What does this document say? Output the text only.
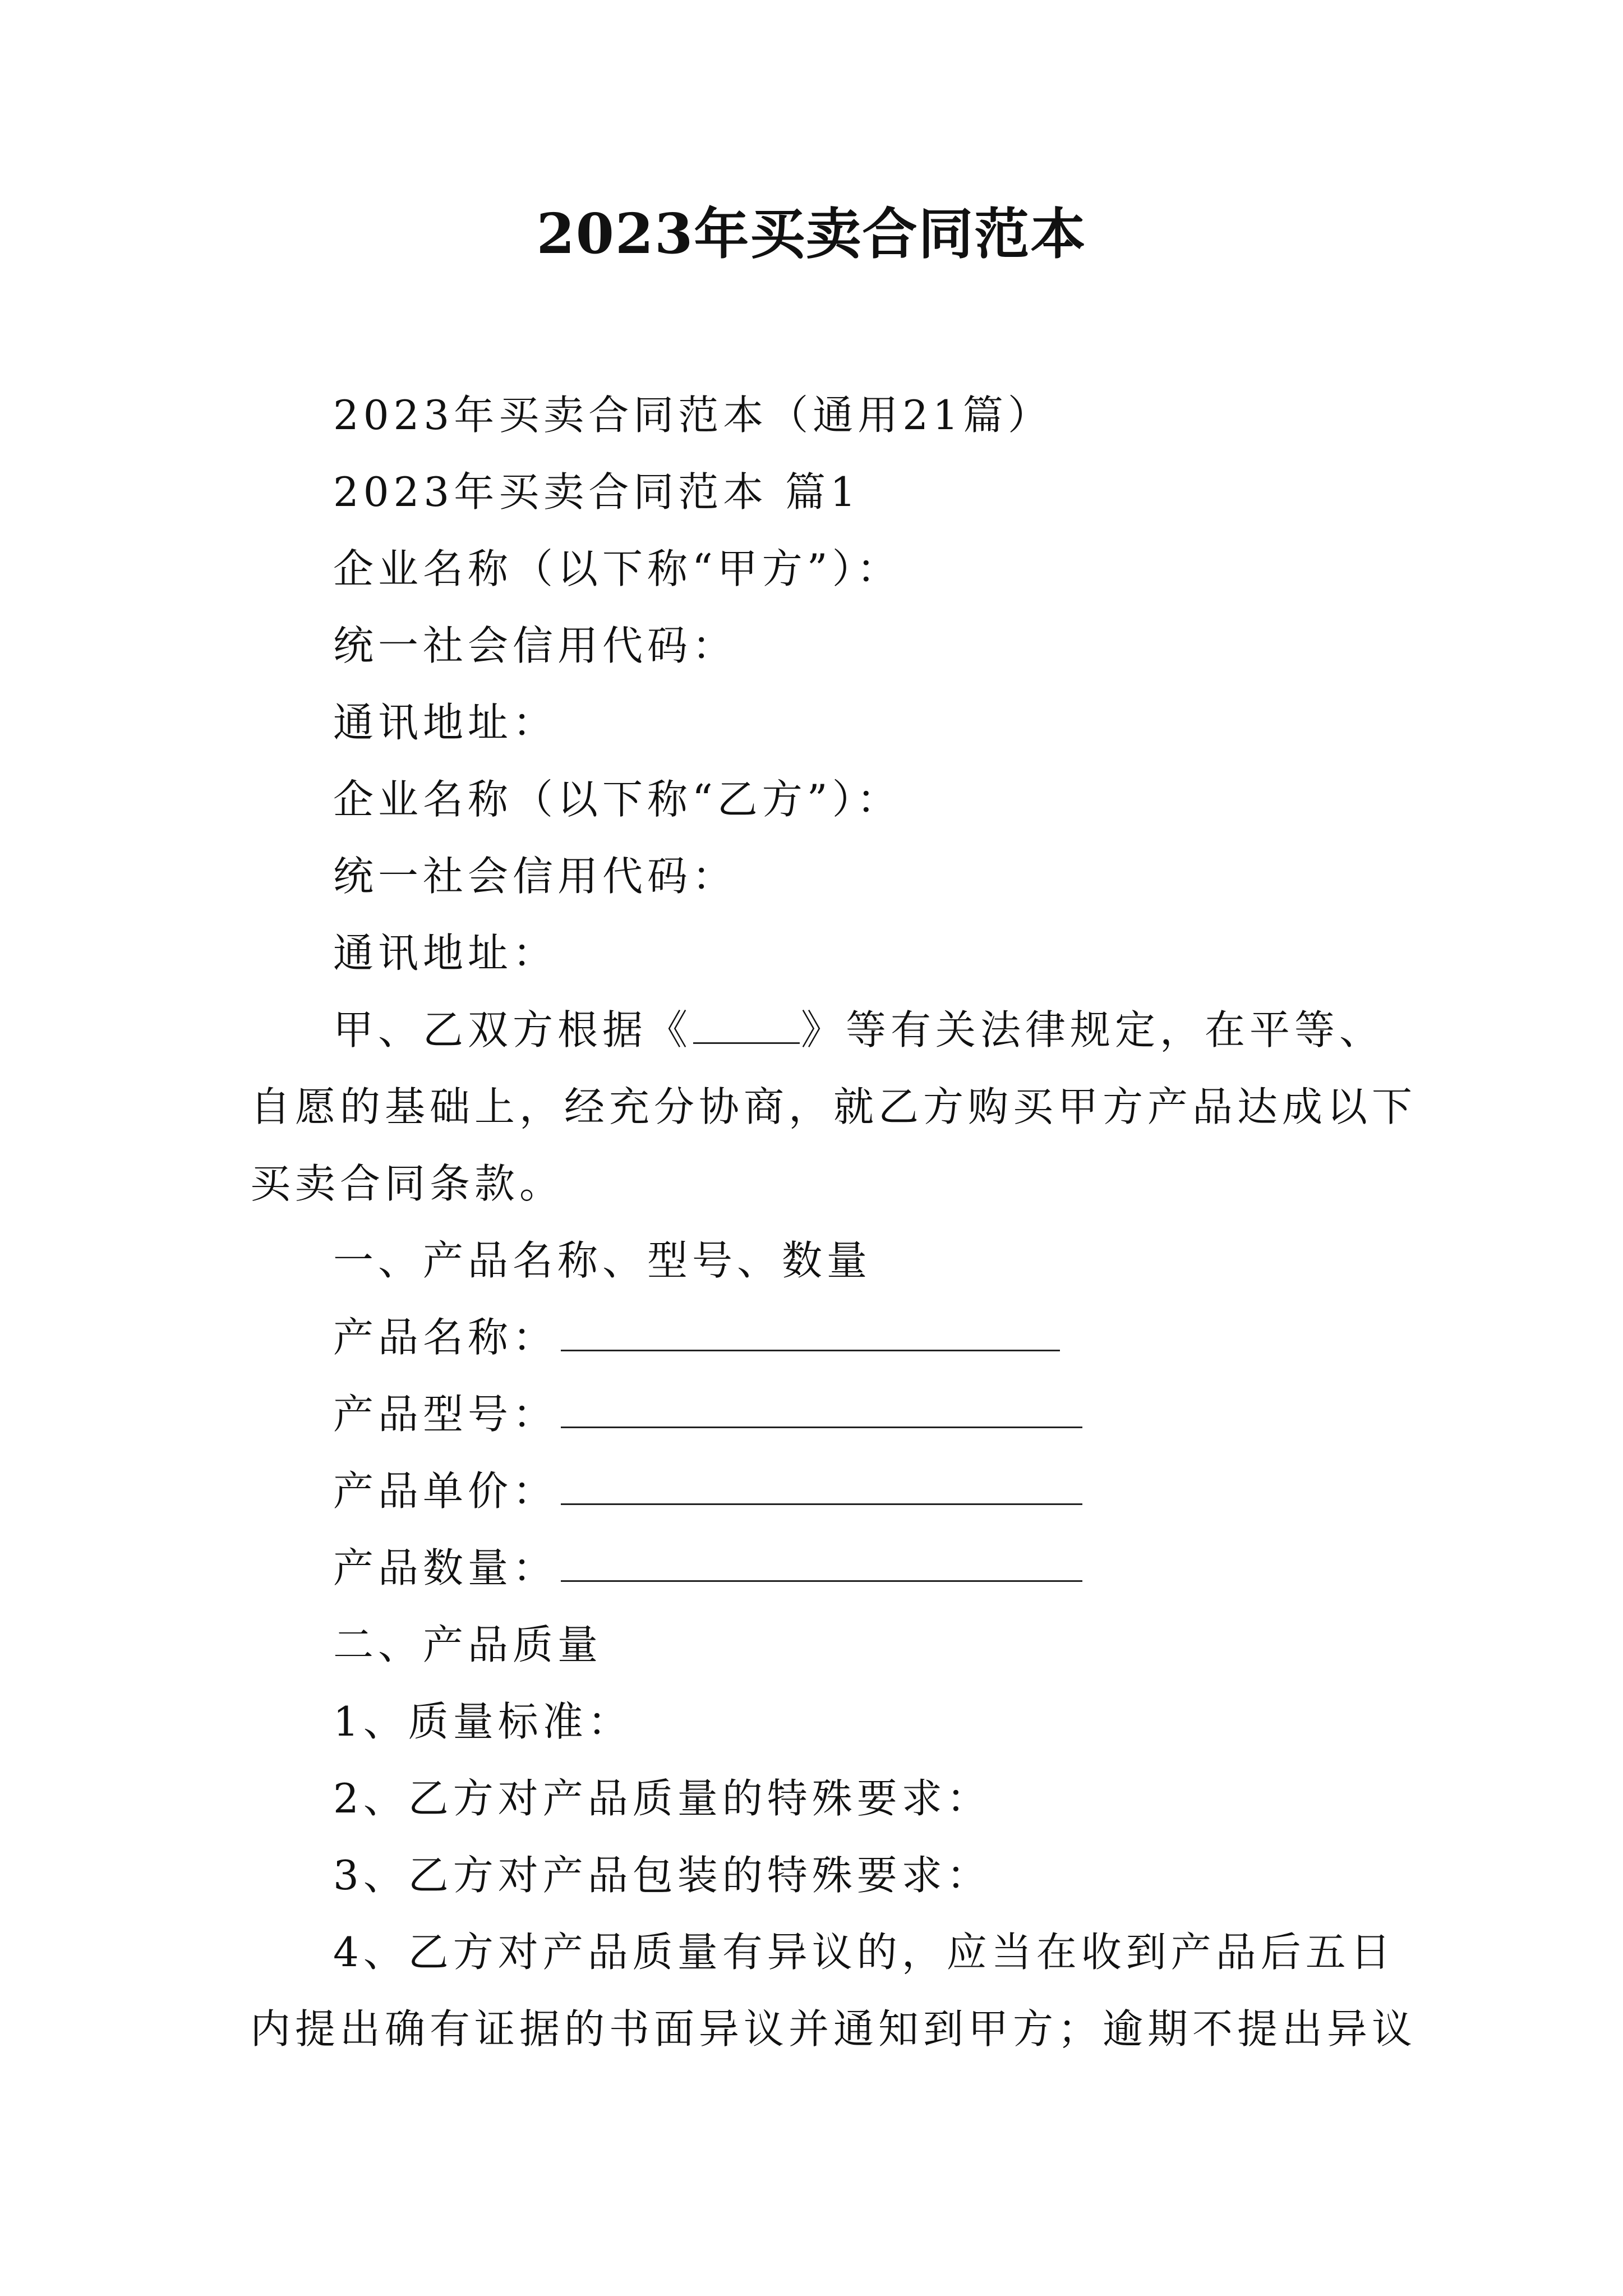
2023年买卖合同范本
2023年买卖合同范本（通用21篇）
2023年买卖合同范本 篇1
企业名称（以下称“甲方”）：
统一社会信用代码：
通讯地址：
企业名称（以下称“乙方”）：
统一社会信用代码：
通讯地址：
甲、乙双方根据《	》等有关法律规定，在平等、
自愿的基础上，经充分协商，就乙方购买甲方产品达成以下
买卖合同条款。
一、产品名称、型号、数量
产品名称：
产品型号：
产品单价：
产品数量：
二、产品质量
1、质量标准：
2、乙方对产品质量的特殊要求：
3、乙方对产品包装的特殊要求：
4、乙方对产品质量有异议的，应当在收到产品后五日
内提出确有证据的书面异议并通知到甲方；逾期不提出异议
